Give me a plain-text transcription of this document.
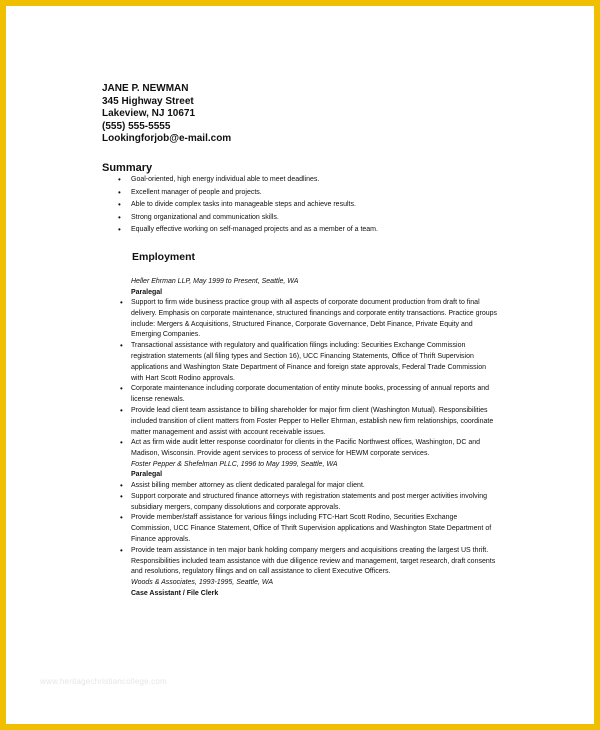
JANE P. NEWMAN
345 Highway Street
Lakeview, NJ 10671
(555) 555-5555
Lookingforjob@e-mail.com
Summary
• Goal-oriented, high energy individual able to meet deadlines.
• Excellent manager of people and projects.
• Able to divide complex tasks into manageable steps and achieve results.
• Strong organizational and communication skills.
• Equally effective working on self-managed projects and as a member of a team.
Employment
Heller Ehrman LLP, May 1999 to Present, Seattle, WA
Paralegal
• Support to firm wide business practice group with all aspects of corporate document production from draft to final delivery. Emphasis on corporate maintenance, structured financings and corporate entity transactions. Practice groups include: Mergers & Acquisitions, Structured Finance, Corporate Governance, Debt Finance, Private Equity and Emerging Companies.
• Transactional assistance with regulatory and qualification filings including: Securities Exchange Commission registration statements (all filing types and Section 16), UCC Financing Statements, Office of Thrift Supervision applications and Washington State Department of Finance and foreign state approvals, Federal Trade Commission with Hart Scott Rodino approvals.
• Corporate maintenance including corporate documentation of entity minute books, processing of annual reports and license renewals.
• Provide lead client team assistance to billing shareholder for major firm client (Washington Mutual). Responsibilities included transition of client matters from Foster Pepper to Heller Ehrman, establish new firm relationships, coordinate matter management and assist with account receivable issues.
• Act as firm wide audit letter response coordinator for clients in the Pacific Northwest offices, Washington, DC and Madison, Wisconsin. Provide agent services to process of service for HEWM corporate services.
Foster Pepper & Shefelman PLLC, 1996 to May 1999, Seattle, WA
Paralegal
• Assist billing member attorney as client dedicated paralegal for major client.
• Support corporate and structured finance attorneys with registration statements and post merger activities involving subsidiary mergers, company dissolutions and corporate approvals.
• Provide member/staff assistance for various filings including FTC-Hart Scott Rodino, Securities Exchange Commission, UCC Finance Statement, Office of Thrift Supervision applications and Washington State Department of Finance approvals.
• Provide team assistance in ten major bank holding company mergers and acquisitions creating the largest US thrift. Responsibilities included team assistance with due diligence review and management, target research, draft consents and resolutions, regulatory filings and on call assistance to client Executive Officers.
Woods & Associates, 1993-1995, Seattle, WA
Case Assistant / File Clerk
www.heritagechristiancollege.com
